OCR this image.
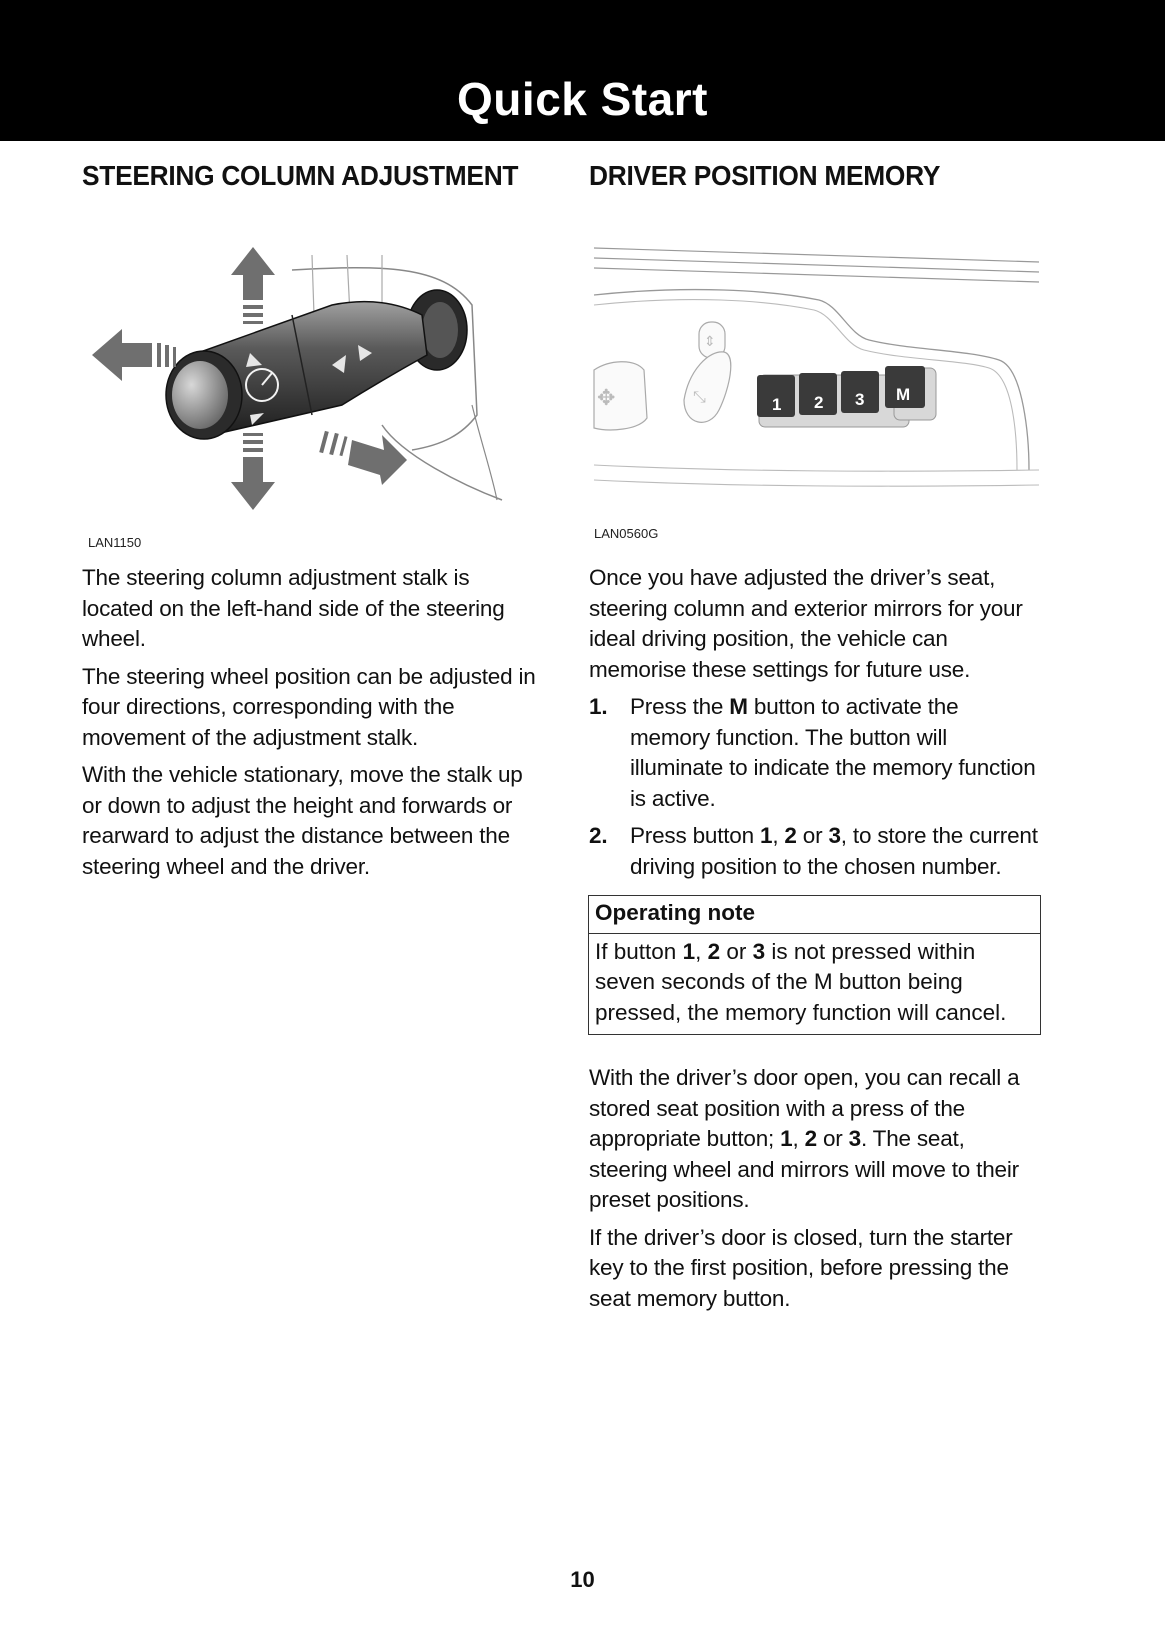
Quick Start
STEERING COLUMN ADJUSTMENT	DRIVER POSITION MEMORY
LAN1150
✥
⇕
⤡	1 2 3 M
LAN0560G

The steering column adjustment stalk is located on the left-hand side of the steering wheel.

The steering wheel position can be adjusted in four directions, corresponding with the movement of the adjustment stalk.

With the vehicle stationary, move the stalk up or down to adjust the height and forwards or rearward to adjust the distance between the steering wheel and the driver.

Once you have adjusted the driver’s seat, steering column and exterior mirrors for your ideal driving position, the vehicle can memorise these settings for future use.

1. Press the M button to activate the memory function. The button will illuminate to indicate the memory function is active.
2. Press button 1, 2 or 3, to store the current driving position to the chosen number.
Operating note
If button 1, 2 or 3 is not pressed within seven seconds of the M button being pressed, the memory function will cancel.

With the driver’s door open, you can recall a stored seat position with a press of the appropriate button; 1, 2 or 3. The seat, steering wheel and mirrors will move to their preset positions.

If the driver’s door is closed, turn the starter key to the first position, before pressing the seat memory button.

10
